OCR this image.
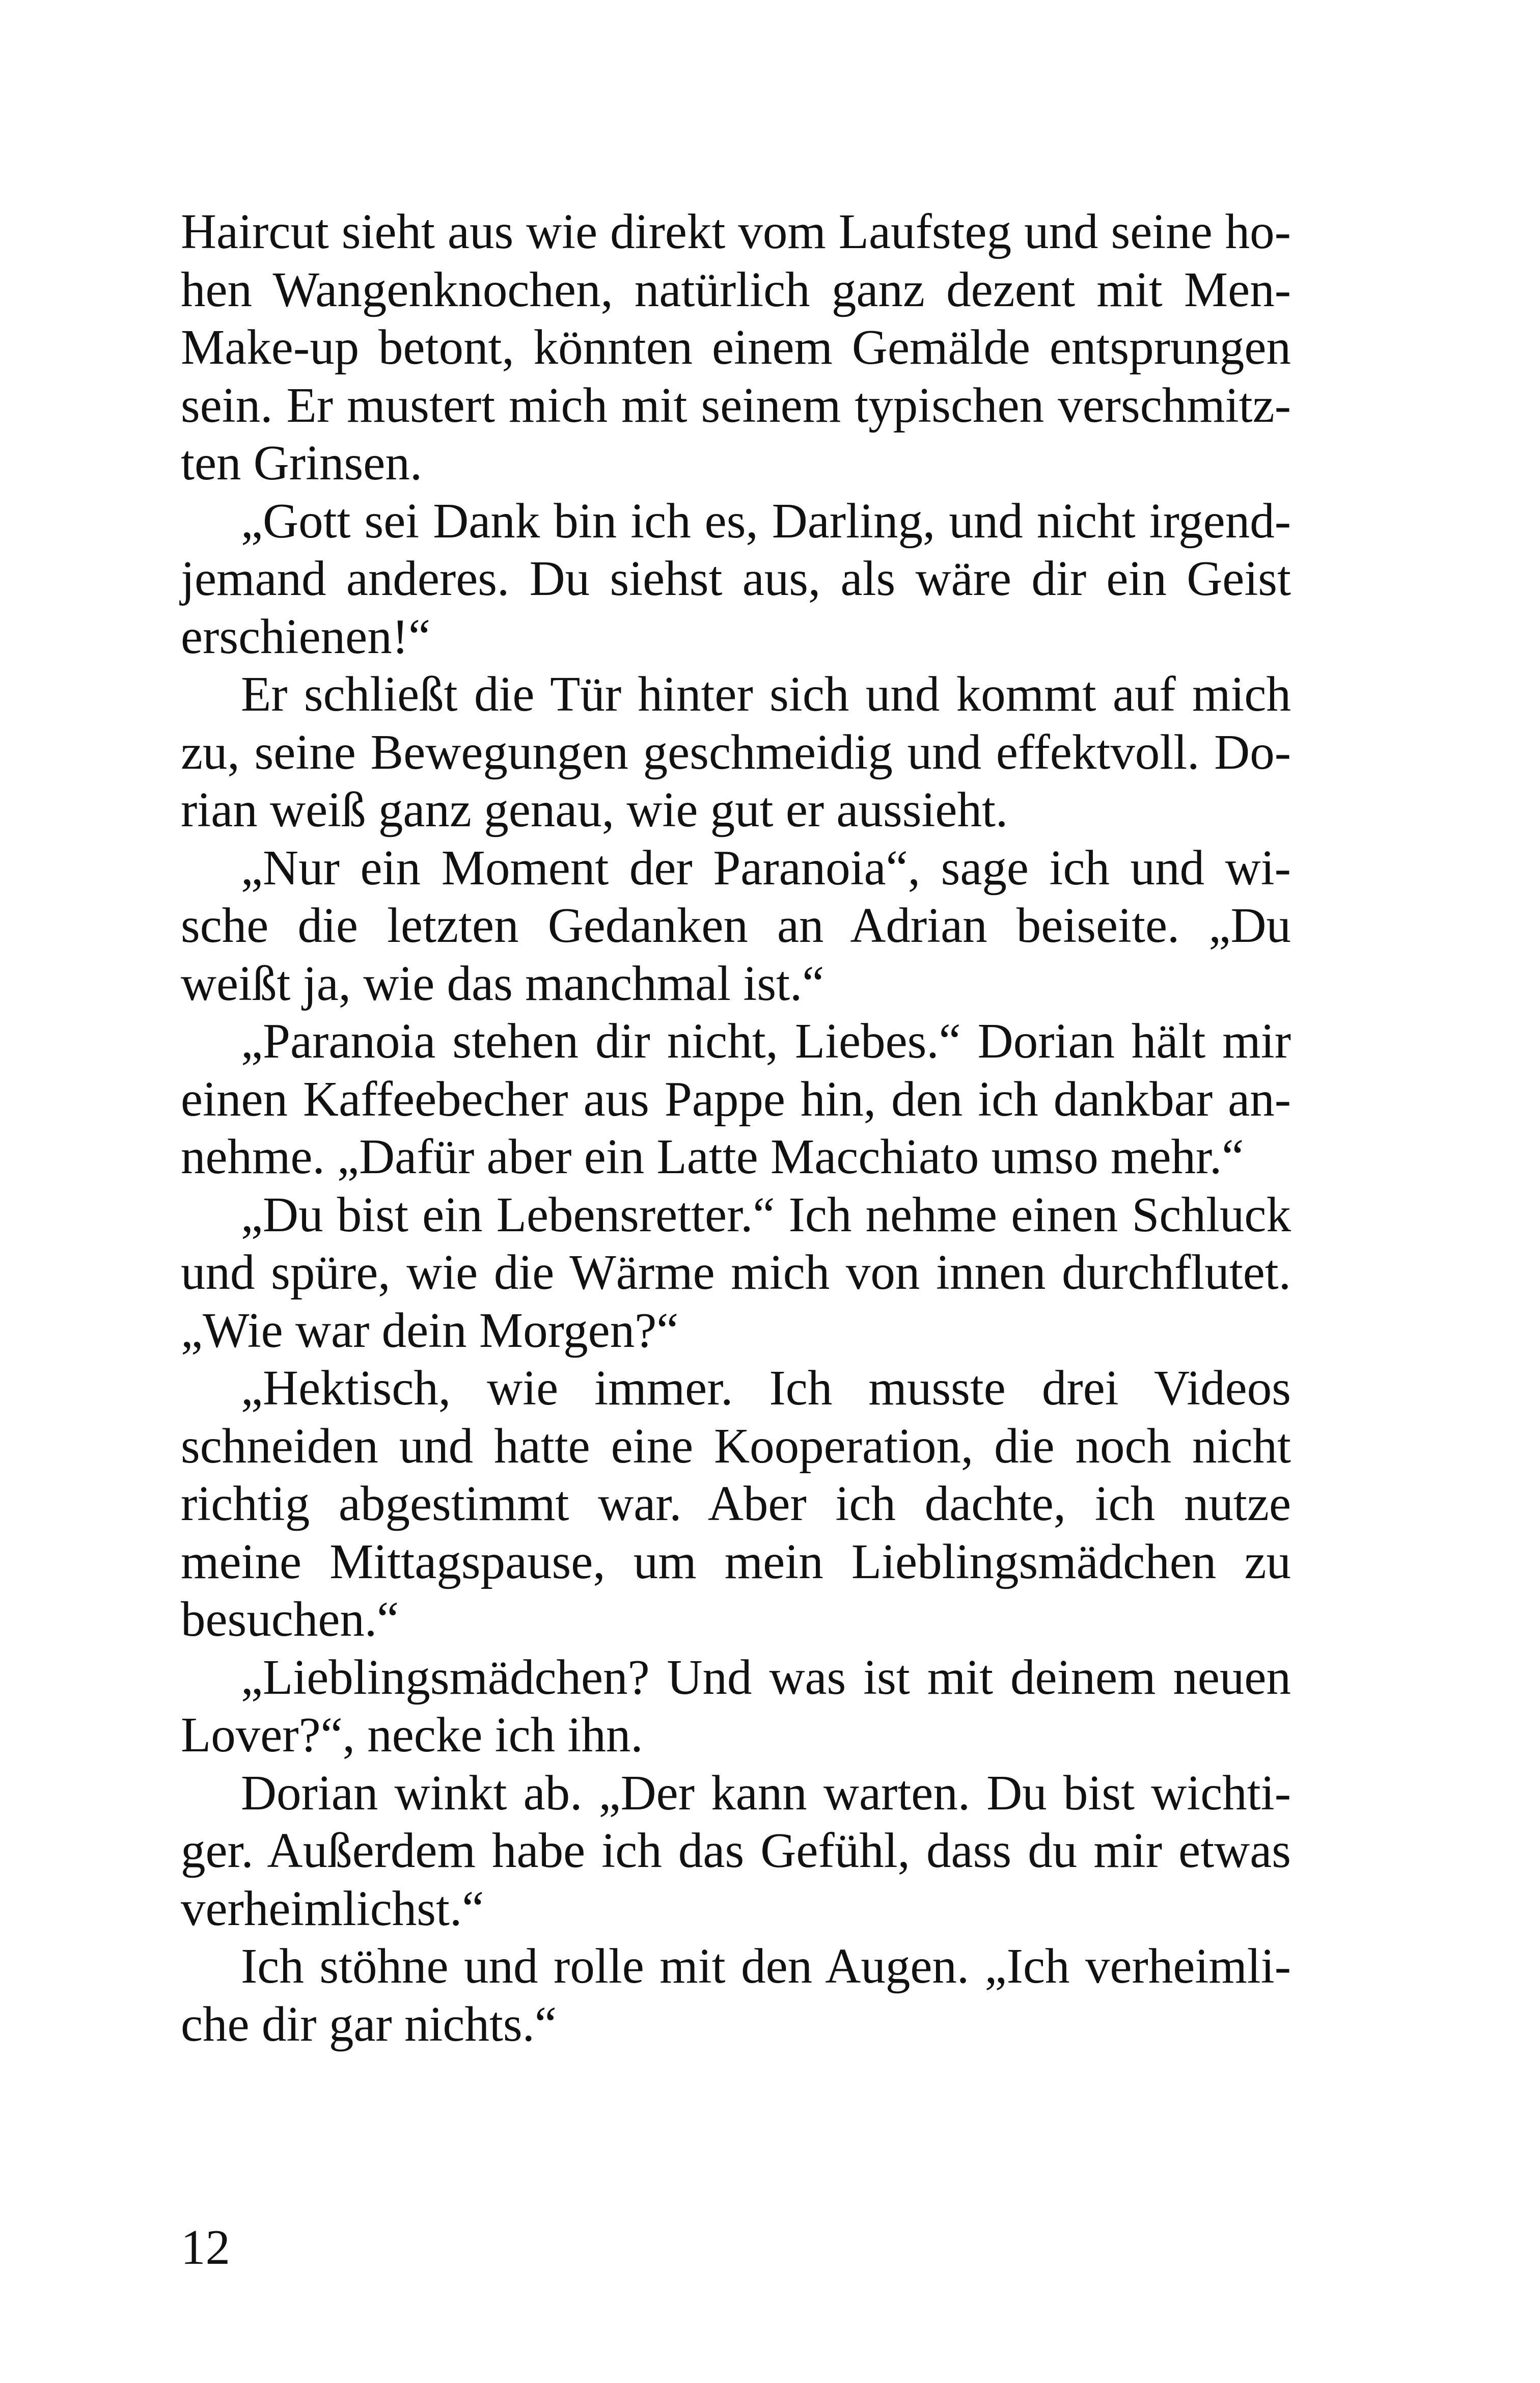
Haircut sieht aus wie direkt vom Laufsteg und seine ho-
hen Wangenknochen, natürlich ganz dezent mit Men-
Make-up betont, könnten einem Gemälde entsprungen
sein. Er mustert mich mit seinem typischen verschmitz-
ten Grinsen.
„Gott sei Dank bin ich es, Darling, und nicht irgend-
jemand anderes. Du siehst aus, als wäre dir ein Geist
erschienen!“
Er schließt die Tür hinter sich und kommt auf mich
zu, seine Bewegungen geschmeidig und effektvoll. Do-
rian weiß ganz genau, wie gut er aussieht.
„Nur ein Moment der Paranoia“, sage ich und wi-
sche die letzten Gedanken an Adrian beiseite. „Du
weißt ja, wie das manchmal ist.“
„Paranoia stehen dir nicht, Liebes.“ Dorian hält mir
einen Kaffeebecher aus Pappe hin, den ich dankbar an-
nehme. „Dafür aber ein Latte Macchiato umso mehr.“
„Du bist ein Lebensretter.“ Ich nehme einen Schluck
und spüre, wie die Wärme mich von innen durchflutet.
„Wie war dein Morgen?“
„Hektisch, wie immer. Ich musste drei Videos
schneiden und hatte eine Kooperation, die noch nicht
richtig abgestimmt war. Aber ich dachte, ich nutze
meine Mittagspause, um mein Lieblingsmädchen zu
besuchen.“
„Lieblingsmädchen? Und was ist mit deinem neuen
Lover?“, necke ich ihn.
Dorian winkt ab. „Der kann warten. Du bist wichti-
ger. Außerdem habe ich das Gefühl, dass du mir etwas
verheimlichst.“
Ich stöhne und rolle mit den Augen. „Ich verheimli-
che dir gar nichts.“
12
